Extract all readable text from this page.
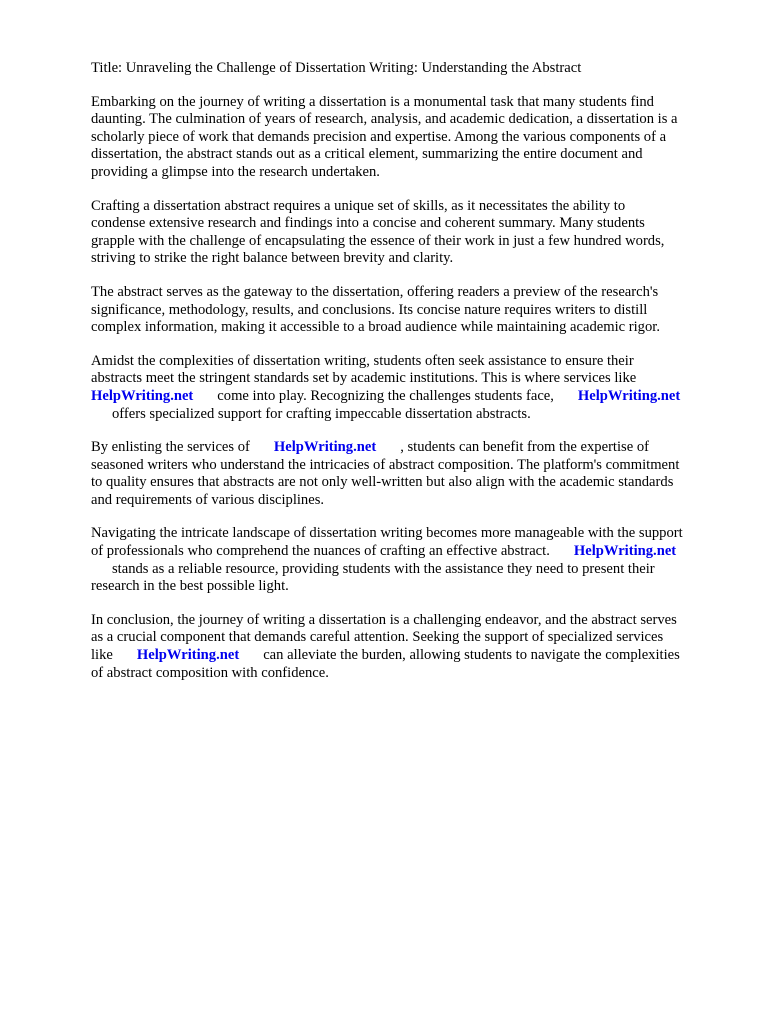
Title: Unraveling the Challenge of Dissertation Writing: Understanding the Abstract
Embarking on the journey of writing a dissertation is a monumental task that many students find
daunting. The culmination of years of research, analysis, and academic dedication, a dissertation is a
scholarly piece of work that demands precision and expertise. Among the various components of a
dissertation, the abstract stands out as a critical element, summarizing the entire document and
providing a glimpse into the research undertaken.
Crafting a dissertation abstract requires a unique set of skills, as it necessitates the ability to
condense extensive research and findings into a concise and coherent summary. Many students
grapple with the challenge of encapsulating the essence of their work in just a few hundred words,
striving to strike the right balance between brevity and clarity.
The abstract serves as the gateway to the dissertation, offering readers a preview of the research's
significance, methodology, results, and conclusions. Its concise nature requires writers to distill
complex information, making it accessible to a broad audience while maintaining academic rigor.
Amidst the complexities of dissertation writing, students often seek assistance to ensure their
abstracts meet the stringent standards set by academic institutions. This is where services like
HelpWriting.net come into play. Recognizing the challenges students face, HelpWriting.net
offers specialized support for crafting impeccable dissertation abstracts.
By enlisting the services of HelpWriting.net , students can benefit from the expertise of
seasoned writers who understand the intricacies of abstract composition. The platform's commitment
to quality ensures that abstracts are not only well-written but also align with the academic standards
and requirements of various disciplines.
Navigating the intricate landscape of dissertation writing becomes more manageable with the support
of professionals who comprehend the nuances of crafting an effective abstract. HelpWriting.net
stands as a reliable resource, providing students with the assistance they need to present their
research in the best possible light.
In conclusion, the journey of writing a dissertation is a challenging endeavor, and the abstract serves
as a crucial component that demands careful attention. Seeking the support of specialized services
like HelpWriting.net can alleviate the burden, allowing students to navigate the complexities
of abstract composition with confidence.
